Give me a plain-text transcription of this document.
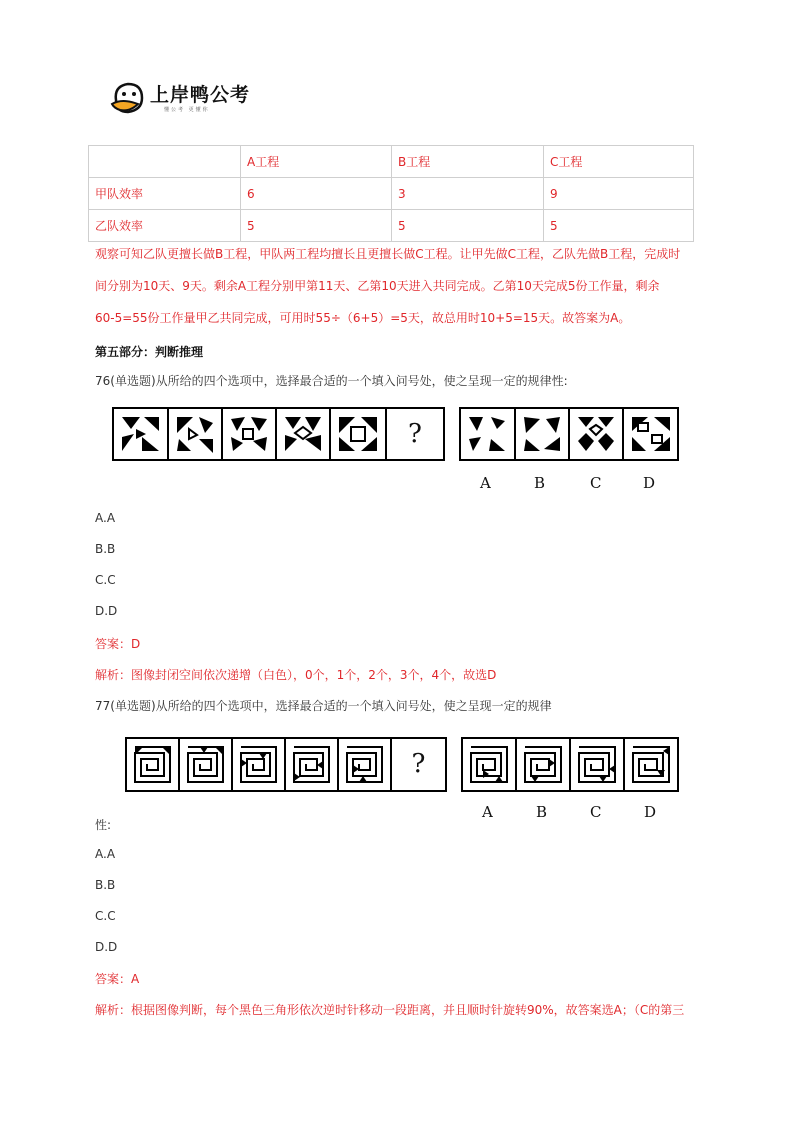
上岸鸭公考
懂公考 更懂你
	A工程	B工程	C工程
甲队效率	6	3	9
乙队效率	5	5	5
观察可知乙队更擅长做B工程，甲队两工程均擅长且更擅长做C工程。让甲先做C工程，乙队先做B工程，完成时
间分别为10天、9天。剩余A工程分别甲第11天、乙第10天进入共同完成。乙第10天完成5份工作量，剩余
60-5=55份工作量甲乙共同完成，可用时55÷（6+5）=5天，故总用时10+5=15天。故答案为A。
第五部分：判断推理
76(单选题)从所给的四个选项中，选择最合适的一个填入问号处，使之呈现一定的规律性:
?
A	B	C	D
A.A
B.B
C.C
D.D
答案：D
解析：图像封闭空间依次递增（白色），0个，1个，2个，3个，4个，故选D
77(单选题)从所给的四个选项中，选择最合适的一个填入问号处，使之呈现一定的规律
?
A	B	C	D
性:
A.A
B.B
C.C
D.D
答案：A
解析：根据图像判断，每个黑色三角形依次逆时针移动一段距离，并且顺时针旋转90%，故答案选A；（C的第三
